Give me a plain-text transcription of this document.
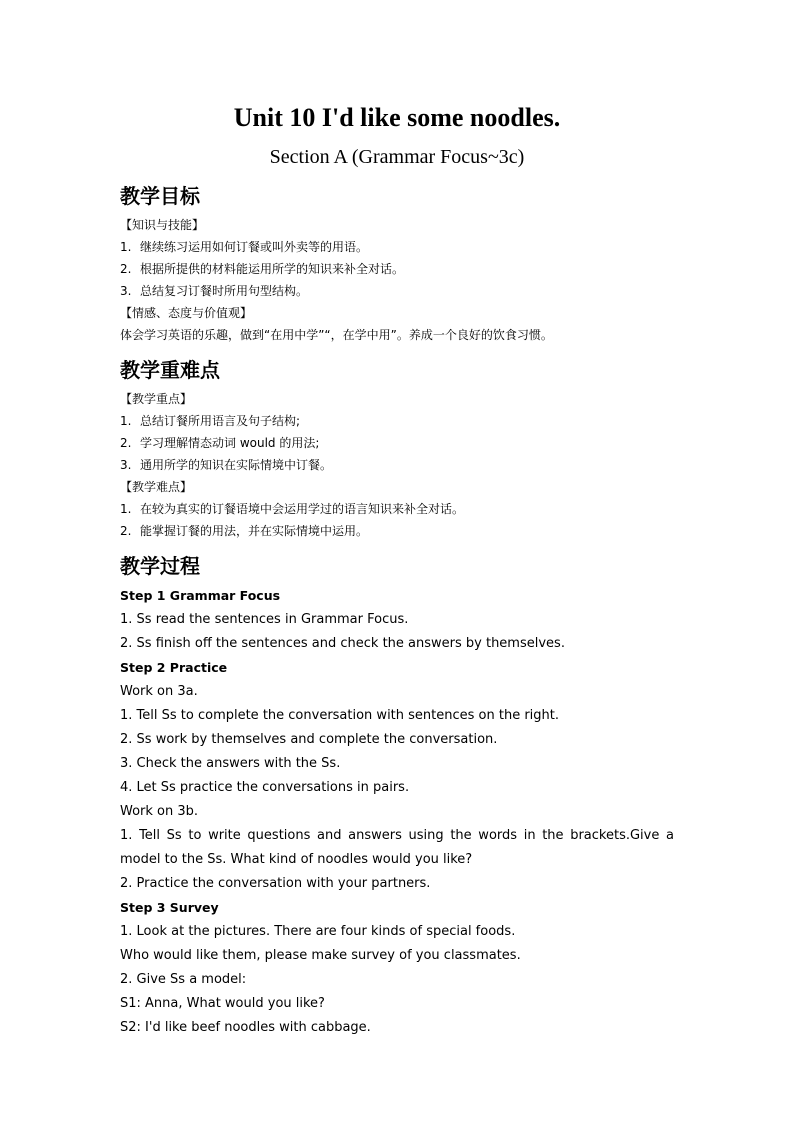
Unit 10 I'd like some noodles.

Section A (Grammar Focus~3c)

教学目标

【知识与技能】

1. 继续练习运用如何订餐或叫外卖等的用语。

2. 根据所提供的材料能运用所学的知识来补全对话。

3. 总结复习订餐时所用句型结构。

【情感、态度与价值观】

体会学习英语的乐趣，做到“在用中学”“，在学中用”。养成一个良好的饮食习惯。

教学重难点

【教学重点】

1. 总结订餐所用语言及句子结构;

2. 学习理解情态动词 would 的用法;

3. 通用所学的知识在实际情境中订餐。

【教学难点】

1. 在较为真实的订餐语境中会运用学过的语言知识来补全对话。

2. 能掌握订餐的用法，并在实际情境中运用。

教学过程

Step 1 Grammar Focus

1. Ss read the sentences in Grammar Focus.

2. Ss finish off the sentences and check the answers by themselves.

Step 2 Practice

Work on 3a.

1. Tell Ss to complete the conversation with sentences on the right.

2. Ss work by themselves and complete the conversation.

3. Check the answers with the Ss.

4. Let Ss practice the conversations in pairs.

Work on 3b.

1. Tell Ss to write questions and answers using the words in the brackets.Give a model to the Ss. What kind of noodles would you like?

2. Practice the conversation with your partners.

Step 3 Survey

1. Look at the pictures. There are four kinds of special foods.

Who would like them, please make survey of you classmates.

2. Give Ss a model:

S1: Anna, What would you like?

S2: I'd like beef noodles with cabbage.
